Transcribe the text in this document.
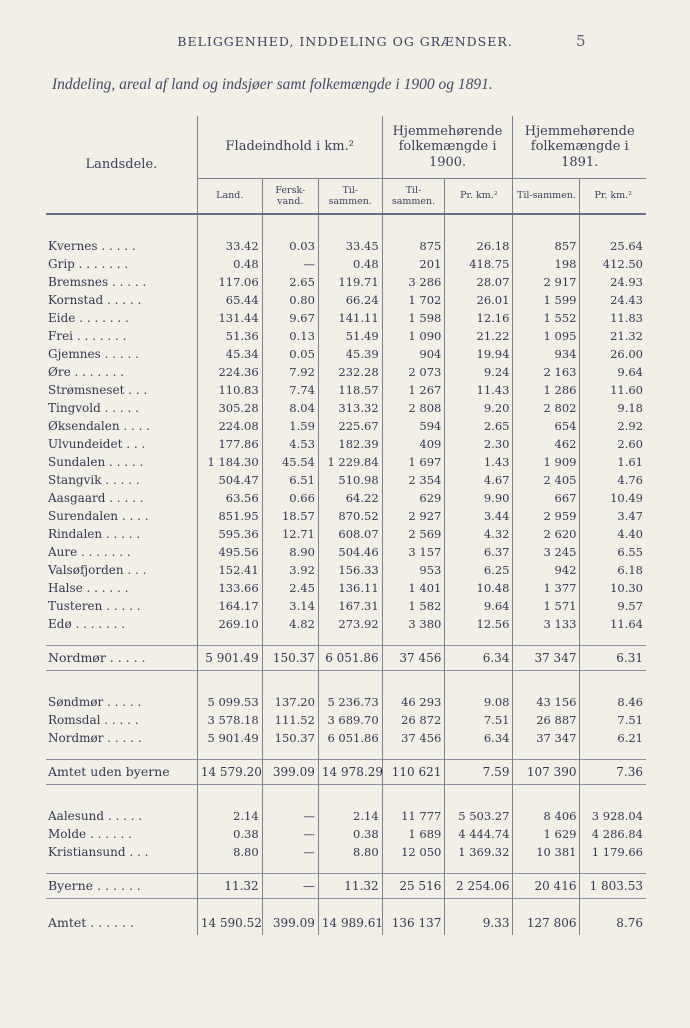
BELIGGENHED, INDDELING OG GRÆNDSER.	5
Inddeling, areal af land og indsjøer samt folkemængde i 1900 og 1891.
Landsdele.	Fladeindhold i km.²			Hjemmehørende folkemængde i 1900.		Hjemmehørende folkemængde i 1891.	
	Land.	Fersk-vand.	Til-sammen.	Til-sammen.	Pr. km.²	Til-sammen.	Pr. km.²

Kvernes . . . . .	33.42	0.03	33.45	875	26.18	857	25.64
Grip . . . . . . .	0.48	—	0.48	201	418.75	198	412.50
Bremsnes . . . . .	117.06	2.65	119.71	3 286	28.07	2 917	24.93
Kornstad . . . . .	65.44	0.80	66.24	1 702	26.01	1 599	24.43
Eide . . . . . . .	131.44	9.67	141.11	1 598	12.16	1 552	11.83
Frei . . . . . . .	51.36	0.13	51.49	1 090	21.22	1 095	21.32
Gjemnes . . . . .	45.34	0.05	45.39	904	19.94	934	26.00
Øre . . . . . . .	224.36	7.92	232.28	2 073	9.24	2 163	9.64
Strømsneset . . .	110.83	7.74	118.57	1 267	11.43	1 286	11.60
Tingvold . . . . .	305.28	8.04	313.32	2 808	9.20	2 802	9.18
Øksendalen . . . .	224.08	1.59	225.67	594	2.65	654	2.92
Ulvundeidet . . .	177.86	4.53	182.39	409	2.30	462	2.60
Sundalen . . . . .	1 184.30	45.54	1 229.84	1 697	1.43	1 909	1.61
Stangvik . . . . .	504.47	6.51	510.98	2 354	4.67	2 405	4.76
Aasgaard . . . . .	63.56	0.66	64.22	629	9.90	667	10.49
Surendalen . . . .	851.95	18.57	870.52	2 927	3.44	2 959	3.47
Rindalen . . . . .	595.36	12.71	608.07	2 569	4.32	2 620	4.40
Aure . . . . . . .	495.56	8.90	504.46	3 157	6.37	3 245	6.55
Valsøfjorden . . .	152.41	3.92	156.33	953	6.25	942	6.18
Halse . . . . . .	133.66	2.45	136.11	1 401	10.48	1 377	10.30
Tusteren . . . . .	164.17	3.14	167.31	1 582	9.64	1 571	9.57
Edø . . . . . . .	269.10	4.82	273.92	3 380	12.56	3 133	11.64

Nordmør . . . . .	5 901.49	150.37	6 051.86	37 456	6.34	37 347	6.31

Søndmør . . . . .	5 099.53	137.20	5 236.73	46 293	9.08	43 156	8.46
Romsdal . . . . .	3 578.18	111.52	3 689.70	26 872	7.51	26 887	7.51
Nordmør . . . . .	5 901.49	150.37	6 051.86	37 456	6.34	37 347	6.21

Amtet uden byerne	14 579.20	399.09	14 978.29	110 621	7.59	107 390	7.36

Aalesund . . . . .	2.14	—	2.14	11 777	5 503.27	8 406	3 928.04
Molde . . . . . .	0.38	—	0.38	1 689	4 444.74	1 629	4 286.84
Kristiansund . . .	8.80	—	8.80	12 050	1 369.32	10 381	1 179.66

Byerne . . . . . .	11.32	—	11.32	25 516	2 254.06	20 416	1 803.53

Amtet . . . . . .	14 590.52	399.09	14 989.61	136 137	9.33	127 806	8.76
